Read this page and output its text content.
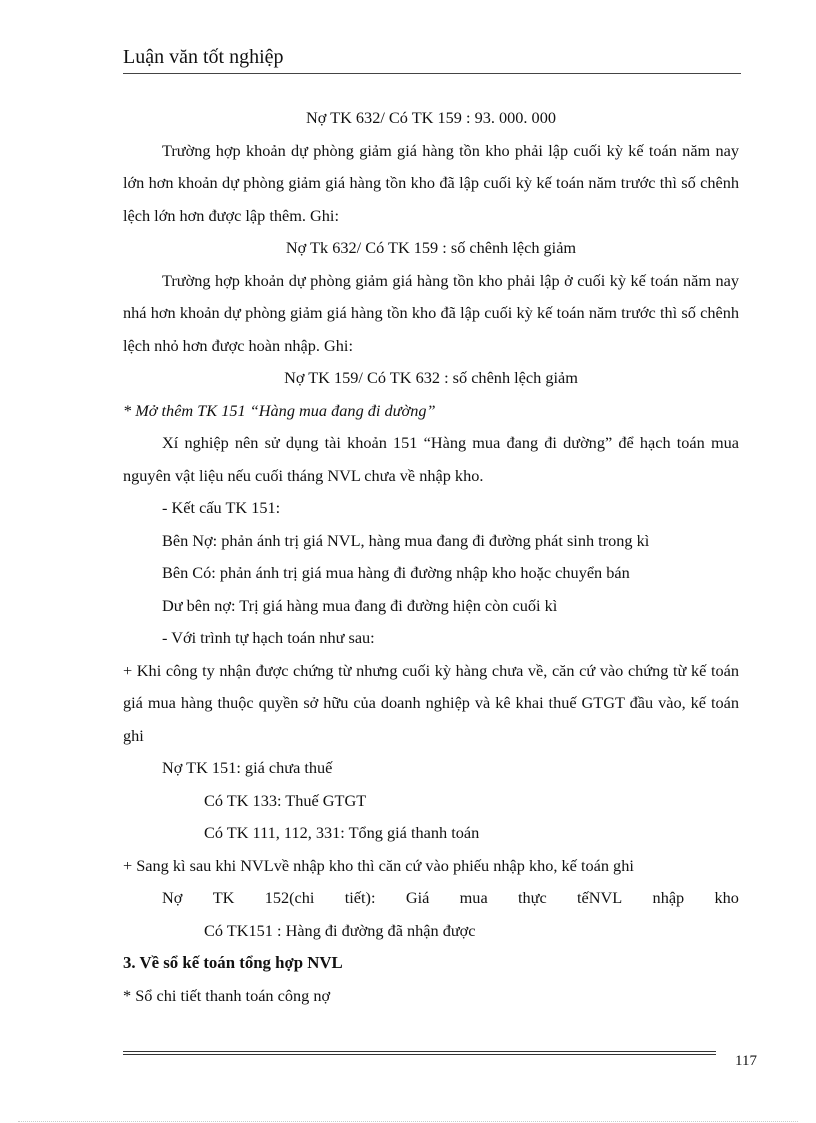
Luận văn tốt nghiệp

Nợ TK 632/ Có TK 159 : 93. 000. 000

Trường hợp khoản dự phòng giảm giá hàng tồn kho phải lập cuối kỳ kế toán năm nay lớn hơn khoản dự phòng giảm giá hàng tồn kho đã lập cuối kỳ kế toán năm trước thì số chênh lệch lớn hơn được lập thêm. Ghi:

Nợ Tk 632/ Có TK 159 : số chênh lệch giảm

Trường hợp khoản dự phòng giảm giá hàng tồn kho phải lập ở cuối kỳ kế toán năm nay nhá hơn khoản dự phòng giảm giá hàng tồn kho đã lập cuối kỳ kế toán năm trước thì số chênh lệch nhỏ hơn được hoàn nhập. Ghi:

Nợ TK 159/ Có TK 632 : số chênh lệch giảm

* Mở thêm TK 151 “Hàng mua đang đi dường”

Xí nghiệp nên sử dụng tài khoản 151 “Hàng mua đang đi dường” để hạch toán mua nguyên vật liệu nếu cuối tháng NVL chưa về nhập kho.

- Kết cấu TK 151:

Bên Nợ: phản ánh trị giá NVL, hàng mua đang đi đường phát sinh trong kì

Bên Có: phản ánh trị giá mua hàng đi đường nhập kho hoặc chuyển bán

Dư bên nợ: Trị giá hàng mua đang đi đường hiện còn cuối kì

- Với trình tự hạch toán như sau:

+ Khi công ty nhận được chứng từ nhưng cuối kỳ hàng chưa về, căn cứ vào chứng từ kế toán giá mua hàng thuộc quyền sở hữu của doanh nghiệp và kê khai thuế GTGT đầu vào, kế toán ghi

Nợ TK 151: giá chưa thuế

Có TK 133: Thuế GTGT

Có TK 111, 112, 331: Tổng giá thanh toán

+ Sang kì sau khi NVLvề nhập kho thì căn cứ vào phiếu nhập kho, kế toán ghi

Nợ TK 152(chi tiết): Giá mua thực tếNVL nhập kho

Có TK151 : Hàng đi đường đã nhận được

3. Về sổ kế toán tổng hợp NVL

* Sổ chi tiết thanh toán công nợ

117
